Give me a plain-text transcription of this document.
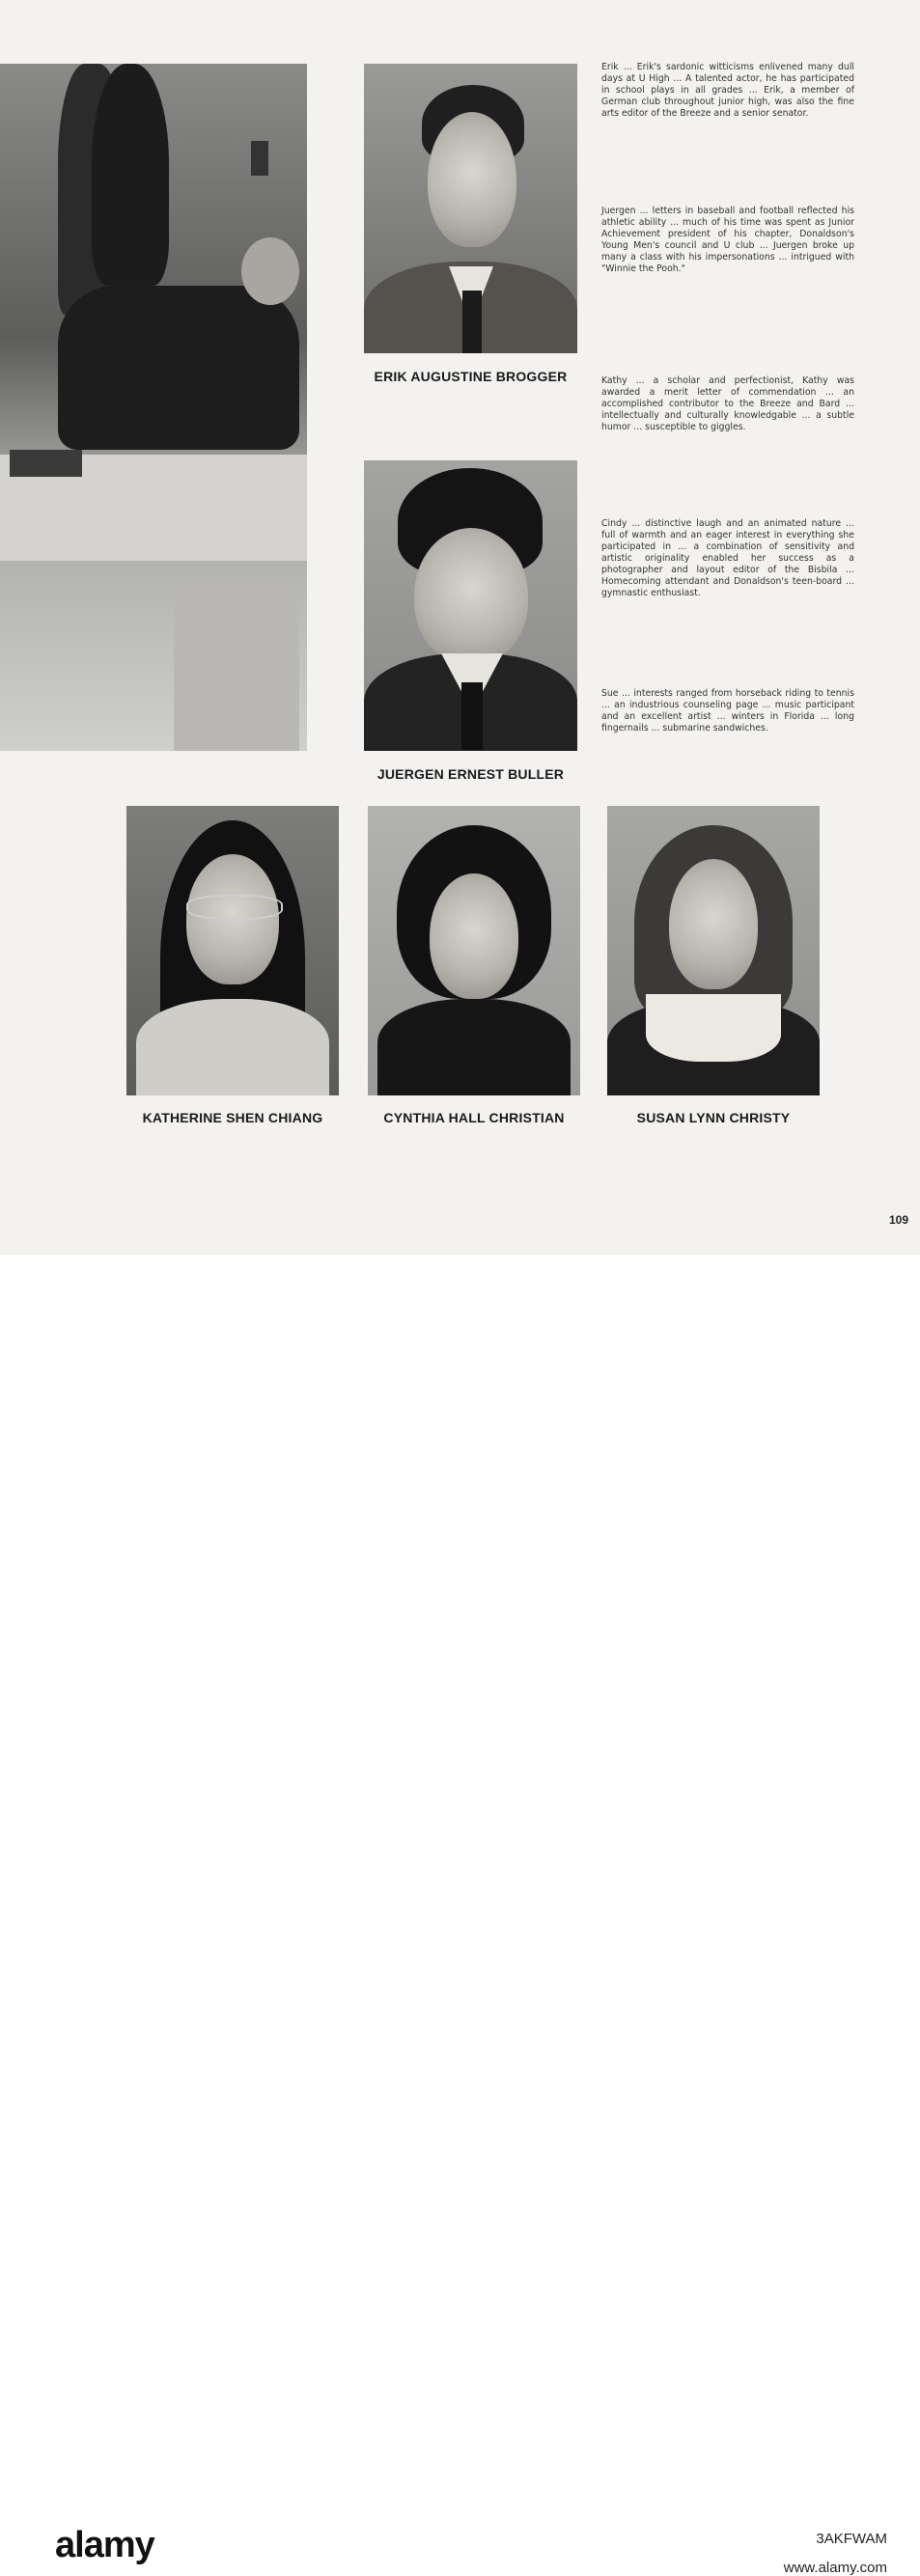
ERIK AUGUSTINE BROGGER
JUERGEN ERNEST BULLER
KATHERINE SHEN CHIANG	CYNTHIA HALL CHRISTIAN	SUSAN LYNN CHRISTY

Erik ... Erik's sardonic witticisms enlivened many dull days at U High ... A talented actor, he has participated in school plays in all grades ... Erik, a member of German club throughout junior high, was also the fine arts editor of the Breeze and a senior senator.

Juergen ... letters in baseball and football reflected his athletic ability ... much of his time was spent as Junior Achievement president of his chapter, Donaldson's Young Men's council and U club ... Juergen broke up many a class with his impersonations ... intrigued with "Winnie the Pooh."

Kathy ... a scholar and perfectionist, Kathy was awarded a merit letter of commendation ... an accomplished contributor to the Breeze and Bard ... intellectually and culturally knowledgable ... a subtle humor ... susceptible to giggles.

Cindy ... distinctive laugh and an animated nature ... full of warmth and an eager interest in everything she participated in ... a combination of sensitivity and artistic originality enabled her success as a photographer and layout editor of the Bisbila ... Homecoming attendant and Donaldson's teen-board ... gymnastic enthusiast.

Sue ... interests ranged from horseback riding to tennis ... an industrious counseling page ... music participant and an excellent artist ... winters in Florida ... long fingernails ... submarine sandwiches.

109
alamy	3AKFWAM
www.alamy.com
